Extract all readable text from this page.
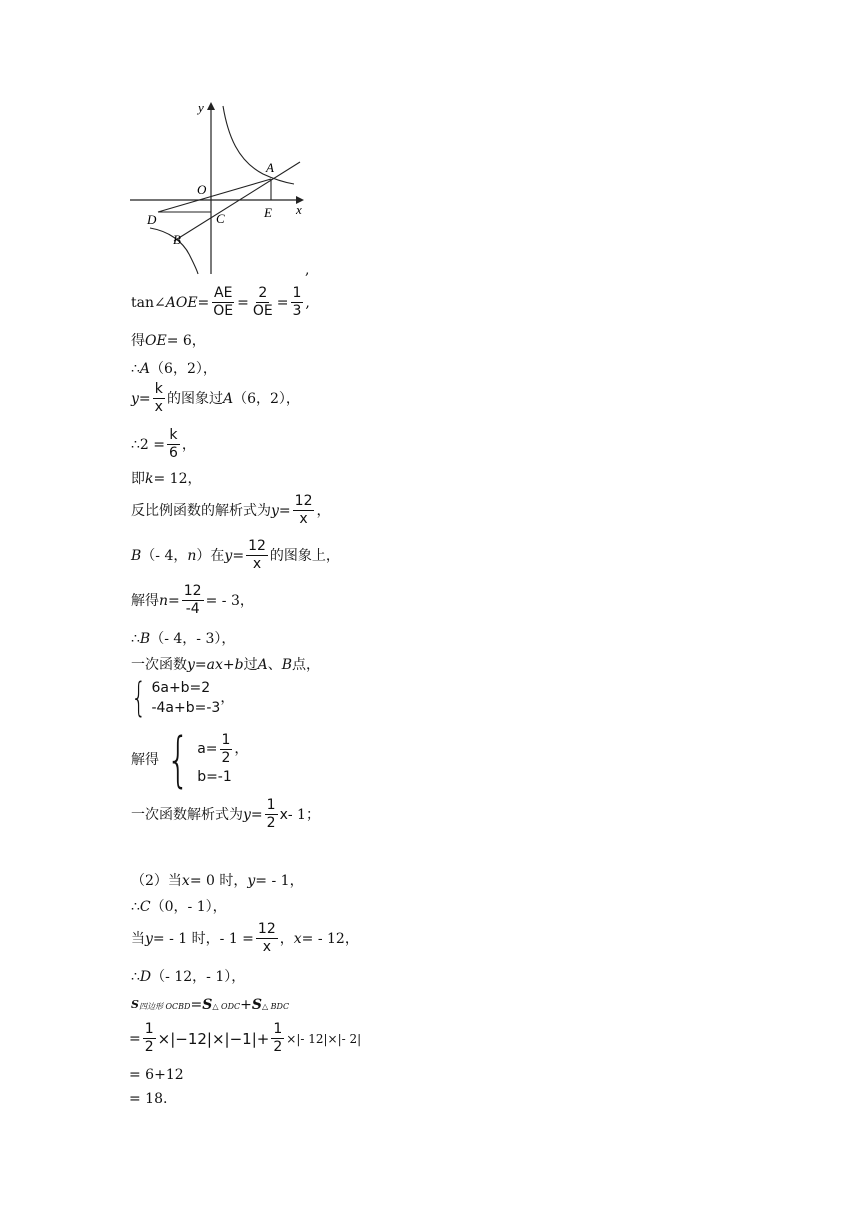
y
x
O
A
E
D	C
B
,
tan∠ AOE = $\frac{AE}{OE} = \frac{2}{OE} = \frac{1}{3}$ ,
得 OE = 6，
∴ A （6，2），
$y = \frac{k}{x}$ 的图象过 A （6，2），
∴2 = $\frac{k}{6}$ ，
即 k = 12，
反比例函数的解析式为 $y = \frac{12}{x}$ ，
B （- 4， n ）在 $y = \frac{12}{x}$ 的图象上，
解得 $n = \frac{12}{-4}$ = - 3，
∴ B （- 4，- 3），
一次函数 y = ax + b 过 A 、 B 点，
{ 6a+b=2
-4a+b=-3
，
解得 { $a= \frac{1}{2}$ ，
b=-1
一次函数解析式为 $y = \frac{1}{2}$ x - 1；
（2）当 x = 0 时， y = - 1，
∴ C （0，- 1），
当 y = - 1 时，- $1 = \frac{12}{x}$ ， x = - 12，
∴ D （- 12，- 1），
S 四边形 OCBD = S △ ODC + S △ BDC
= $\frac{1}{2} \times|-12|\times|-1|+ \frac{1}{2}$ ×|- 12|×|- 2|
= 6+12
= 18.
